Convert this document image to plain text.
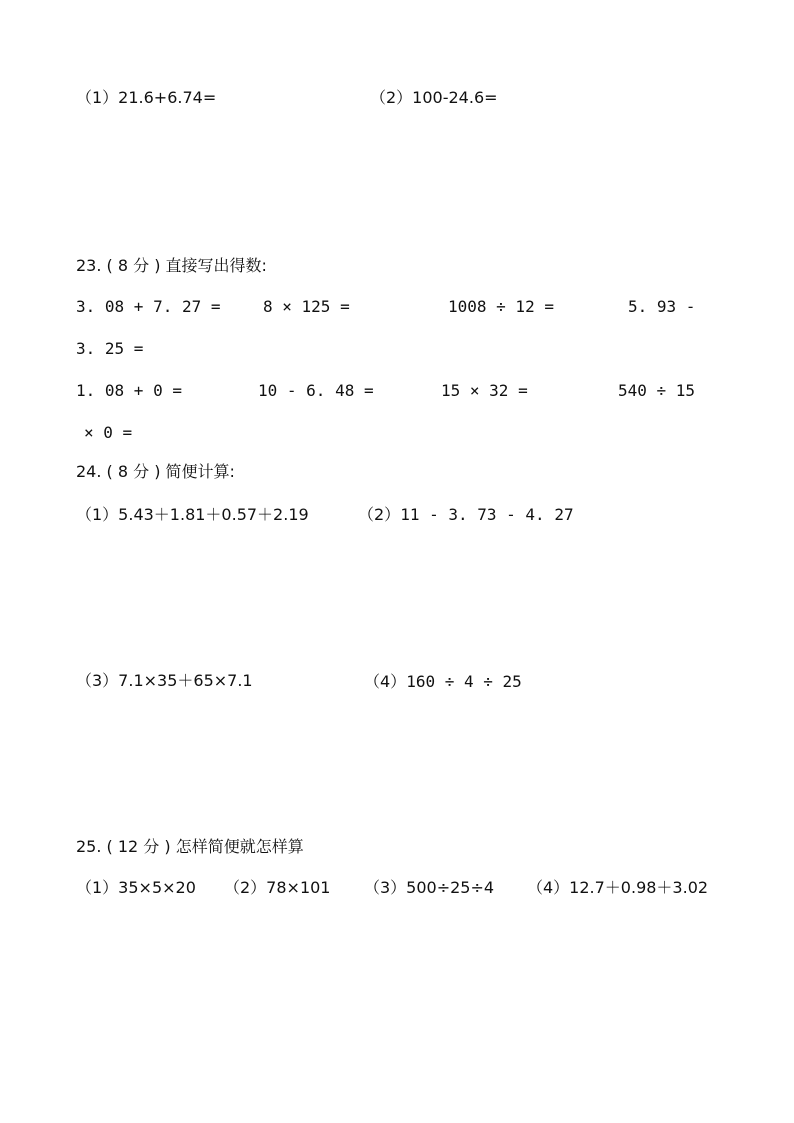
（1）21.6+6.74=	（2）100-24.6=
23. ( 8 分 ) 直接写出得数:
3. 08 + 7. 27 =	8 × 125 =	1008 ÷ 12 =	5. 93 -
3. 25 =
1. 08 + 0 =	10 - 6. 48 =	15 × 32 =	540 ÷ 15
× 0 =
24. ( 8 分 ) 简便计算:
（1）5.43＋1.81＋0.57＋2.19	（2）11 - 3. 73 - 4. 27
（3）7.1×35＋65×7.1	（4）160 ÷ 4 ÷ 25
25. ( 12 分 ) 怎样简便就怎样算
（1）35×5×20 （2）78×101 （3）500÷25÷4 （4）12.7＋0.98＋3.02
